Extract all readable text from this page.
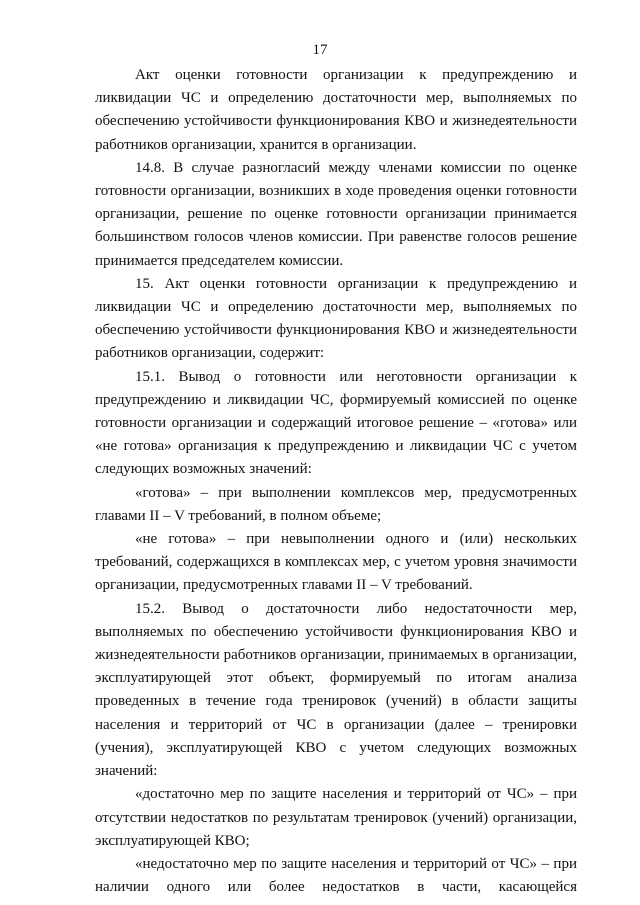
17

Акт оценки готовности организации к предупреждению и ликвидации ЧС и определению достаточности мер, выполняемых по обеспечению устойчивости функционирования КВО и жизнедеятельности работников организации, хранится в организации.

14.8. В случае разногласий между членами комиссии по оценке готовности организации, возникших в ходе проведения оценки готовности организации, решение по оценке готовности организации принимается большинством голосов членов комиссии. При равенстве голосов решение принимается председателем комиссии.

15. Акт оценки готовности организации к предупреждению и ликвидации ЧС и определению достаточности мер, выполняемых по обеспечению устойчивости функционирования КВО и жизнедеятельности работников организации, содержит:

15.1. Вывод о готовности или неготовности организации к предупреждению и ликвидации ЧС, формируемый комиссией по оценке готовности организации и содержащий итоговое решение – «готова» или «не готова» организация к предупреждению и ликвидации ЧС с учетом следующих возможных значений:

«готова» – при выполнении комплексов мер, предусмотренных главами II – V требований, в полном объеме;

«не готова» – при невыполнении одного и (или) нескольких требований, содержащихся в комплексах мер, с учетом уровня значимости организации, предусмотренных главами II – V требований.

15.2. Вывод о достаточности либо недостаточности мер, выполняемых по обеспечению устойчивости функционирования КВО и жизнедеятельности работников организации, принимаемых в организации, эксплуатирующей этот объект, формируемый по итогам анализа проведенных в течение года тренировок (учений) в области защиты населения и территорий от ЧС в организации (далее – тренировки (учения), эксплуатирующей КВО с учетом следующих возможных значений:

«достаточно мер по защите населения и территорий от ЧС» – при отсутствии недостатков по результатам тренировок (учений) организации, эксплуатирующей КВО;

«недостаточно мер по защите населения и территорий от ЧС» – при наличии одного или более недостатков в части, касающейся
